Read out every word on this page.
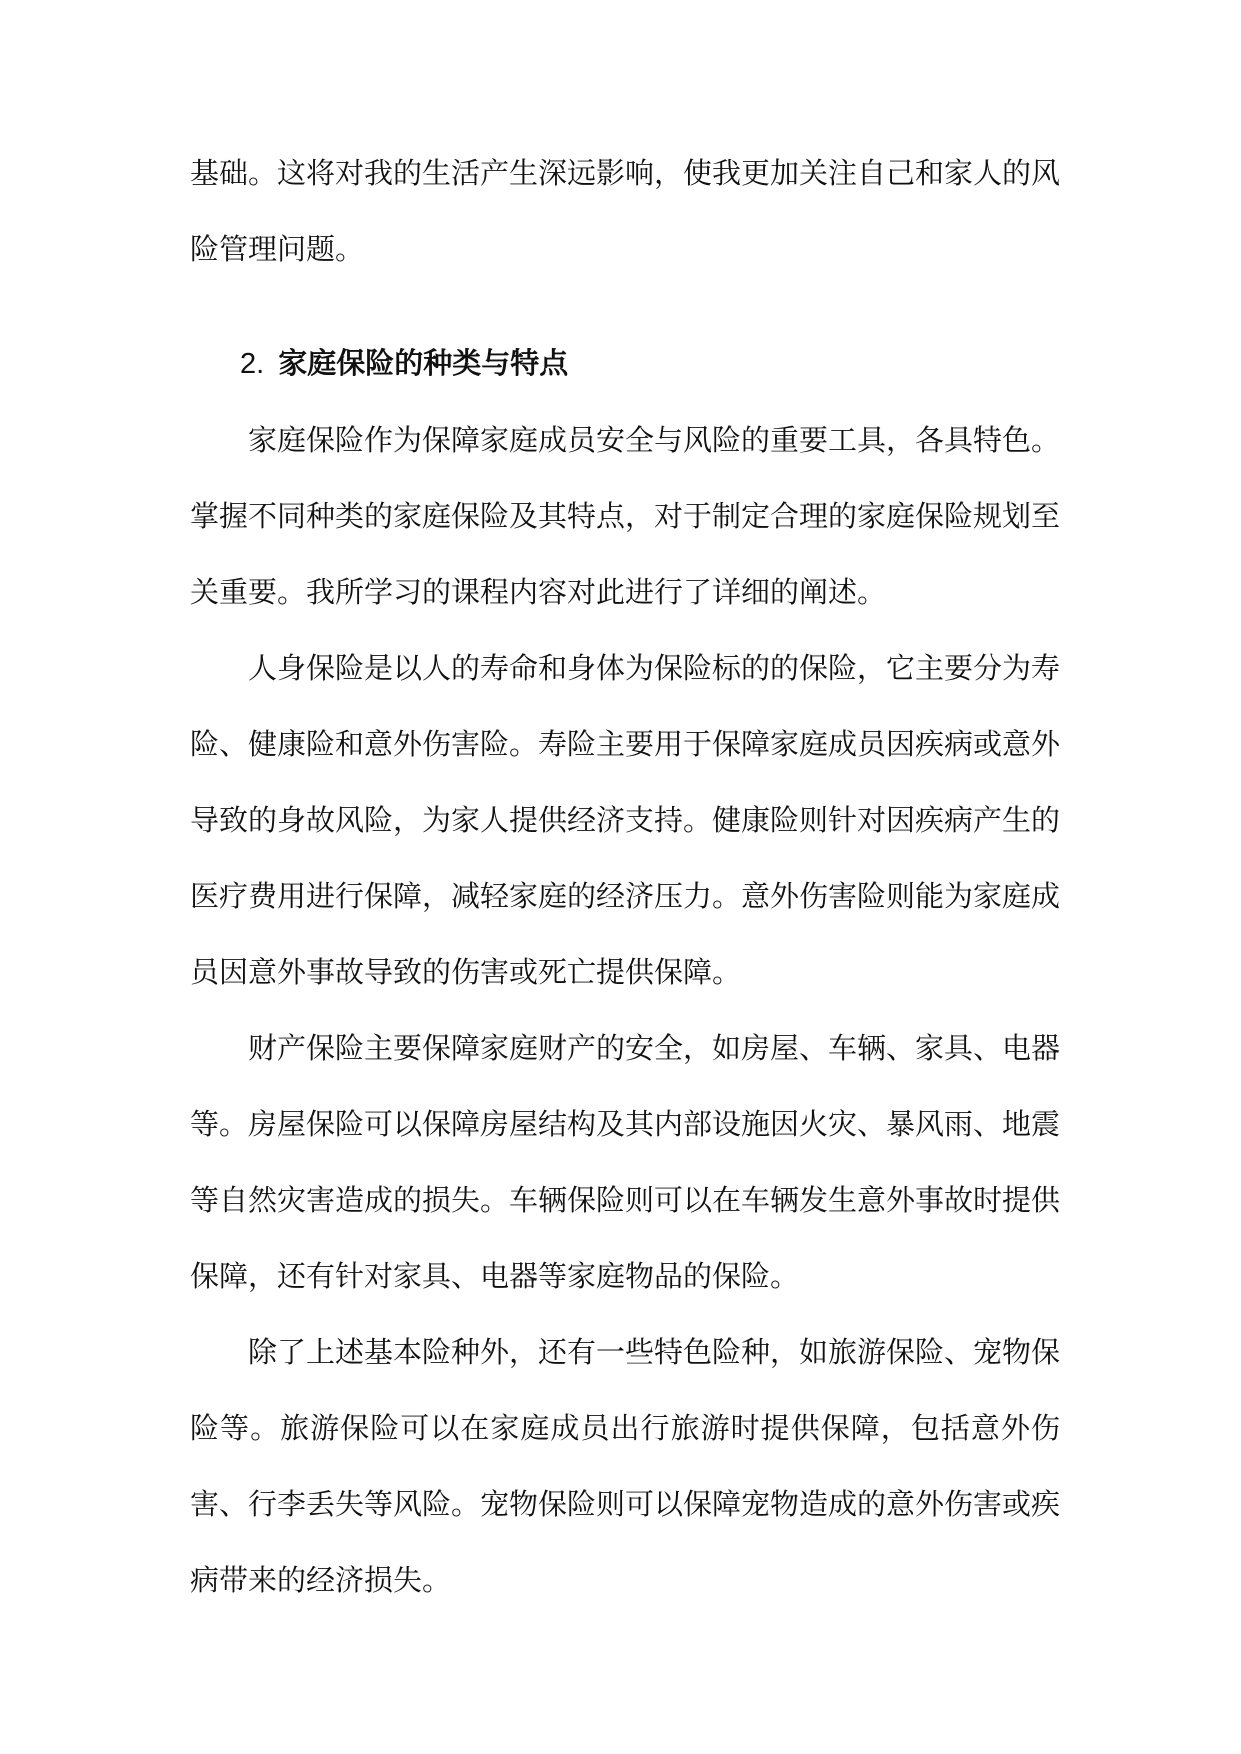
基础。这将对我的生活产生深远影响，使我更加关注自己和家人的风险管理问题。

2. 家庭保险的种类与特点

家庭保险作为保障家庭成员安全与风险的重要工具，各具特色。掌握不同种类的家庭保险及其特点，对于制定合理的家庭保险规划至关重要。我所学习的课程内容对此进行了详细的阐述。

人身保险是以人的寿命和身体为保险标的的保险，它主要分为寿险、健康险和意外伤害险。寿险主要用于保障家庭成员因疾病或意外导致的身故风险，为家人提供经济支持。健康险则针对因疾病产生的医疗费用进行保障，减轻家庭的经济压力。意外伤害险则能为家庭成员因意外事故导致的伤害或死亡提供保障。

财产保险主要保障家庭财产的安全，如房屋、车辆、家具、电器等。房屋保险可以保障房屋结构及其内部设施因火灾、暴风雨、地震等自然灾害造成的损失。车辆保险则可以在车辆发生意外事故时提供保障，还有针对家具、电器等家庭物品的保险。

除了上述基本险种外，还有一些特色险种，如旅游保险、宠物保险等。旅游保险可以在家庭成员出行旅游时提供保障，包括意外伤害、行李丢失等风险。宠物保险则可以保障宠物造成的意外伤害或疾病带来的经济损失。
